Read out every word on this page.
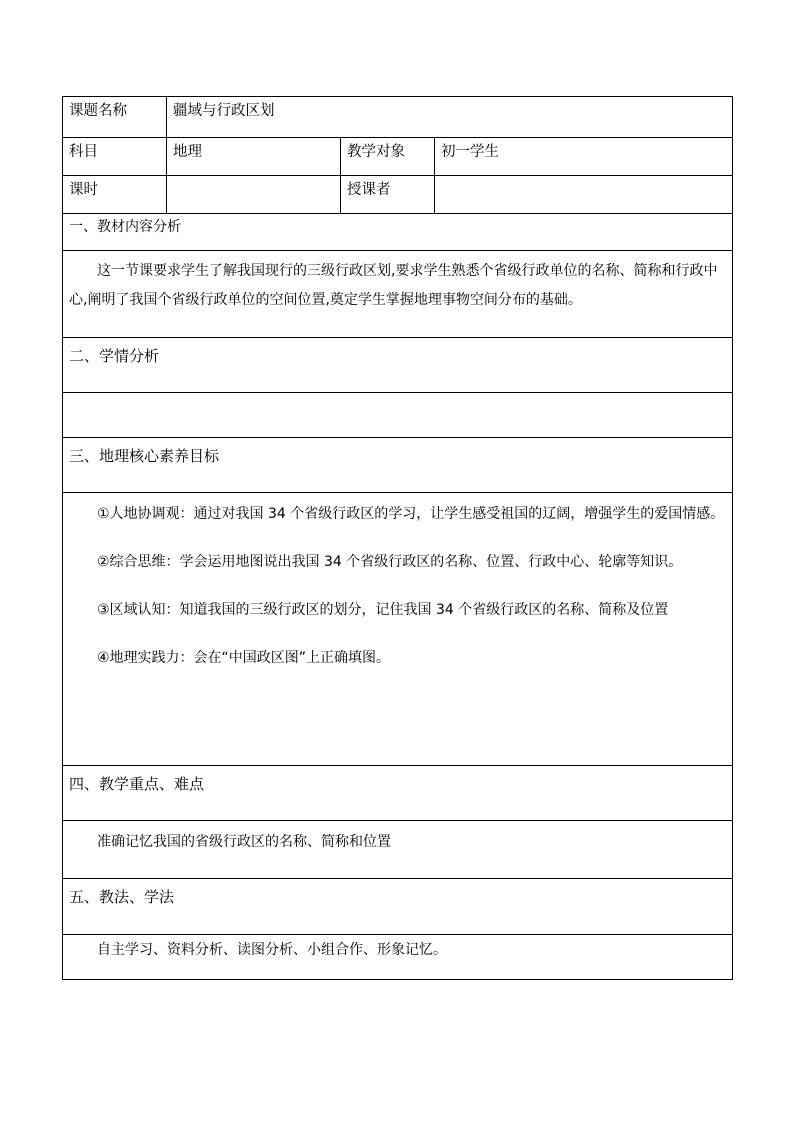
课题名称	疆域与行政区划		
科目	地理	教学对象	初一学生
课时		授课者	
一、教材内容分析			

这一节课要求学生了解我国现行的三级行政区划,要求学生熟悉个省级行政单位的名称、简称和行政中心,阐明了我国个省级行政单位的空间位置,奠定学生掌握地理事物空间分布的基础。			

二、学情分析			

三、地理核心素养目标			

①人地协调观：通过对我国 34 个省级行政区的学习，让学生感受祖国的辽阔，增强学生的爱国情感。

②综合思维：学会运用地图说出我国 34 个省级行政区的名称、位置、行政中心、轮廓等知识。

③区域认知：知道我国的三级行政区的划分，记住我国 34 个省级行政区的名称、简称及位置

④地理实践力：会在“中国政区图”上正确填图。			

四、教学重点、难点			

准确记忆我国的省级行政区的名称、简称和位置			

五、教法、学法			

自主学习、资料分析、读图分析、小组合作、形象记忆。			
